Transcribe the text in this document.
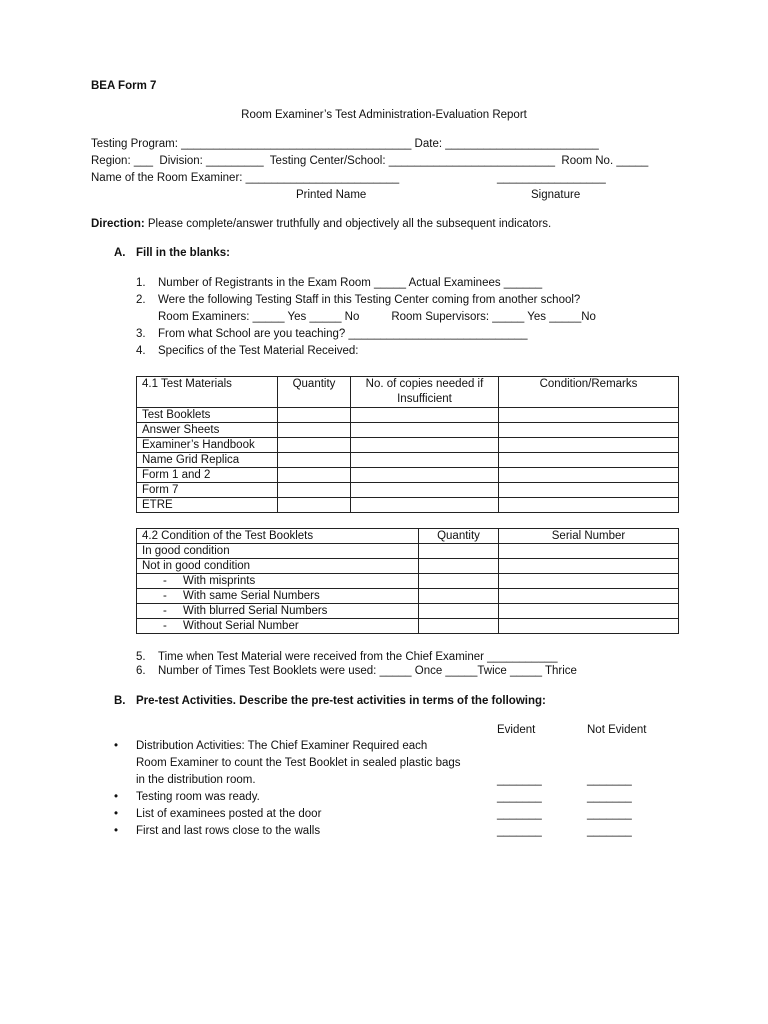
BEA Form 7
Room Examiner’s Test Administration-Evaluation Report
Testing Program: ____________________________________ Date: ________________________
Region: ___  Division: _________  Testing Center/School: __________________________  Room No. _____
Name of the Room Examiner: ________________________	_________________
Printed Name	Signature
Direction: Please complete/answer truthfully and objectively all the subsequent indicators.
A. Fill in the blanks:
1. Number of Registrants in the Exam Room _____ Actual Examinees ______
2. Were the following Testing Staff in this Testing Center coming from another school?
Room Examiners: _____ Yes _____ No          Room Supervisors: _____ Yes _____No
3. From what School are you teaching? ____________________________
4. Specifics of the Test Material Received:
4.1 Test Materials	Quantity	No. of copies needed if Insufficient	Condition/Remarks
Test Booklets			
Answer Sheets			
Examiner’s Handbook			
Name Grid Replica			
Form 1 and 2			
Form 7			
ETRE			
4.2 Condition of the Test Booklets	Quantity	Serial Number
In good condition		
Not in good condition		
- With misprints		
- With same Serial Numbers		
- With blurred Serial Numbers		
- Without Serial Number		
5. Time when Test Material were received from the Chief Examiner ___________
6. Number of Times Test Booklets were used: _____ Once _____Twice _____ Thrice
B. Pre-test Activities. Describe the pre-test activities in terms of the following:
Evident	Not Evident
• Distribution Activities: The Chief Examiner Required each
Room Examiner to count the Test Booklet in sealed plastic bags
in the distribution room.	_______	_______
• Testing room was ready.	_______	_______
• List of examinees posted at the door	_______	_______
• First and last rows close to the walls	_______	_______
